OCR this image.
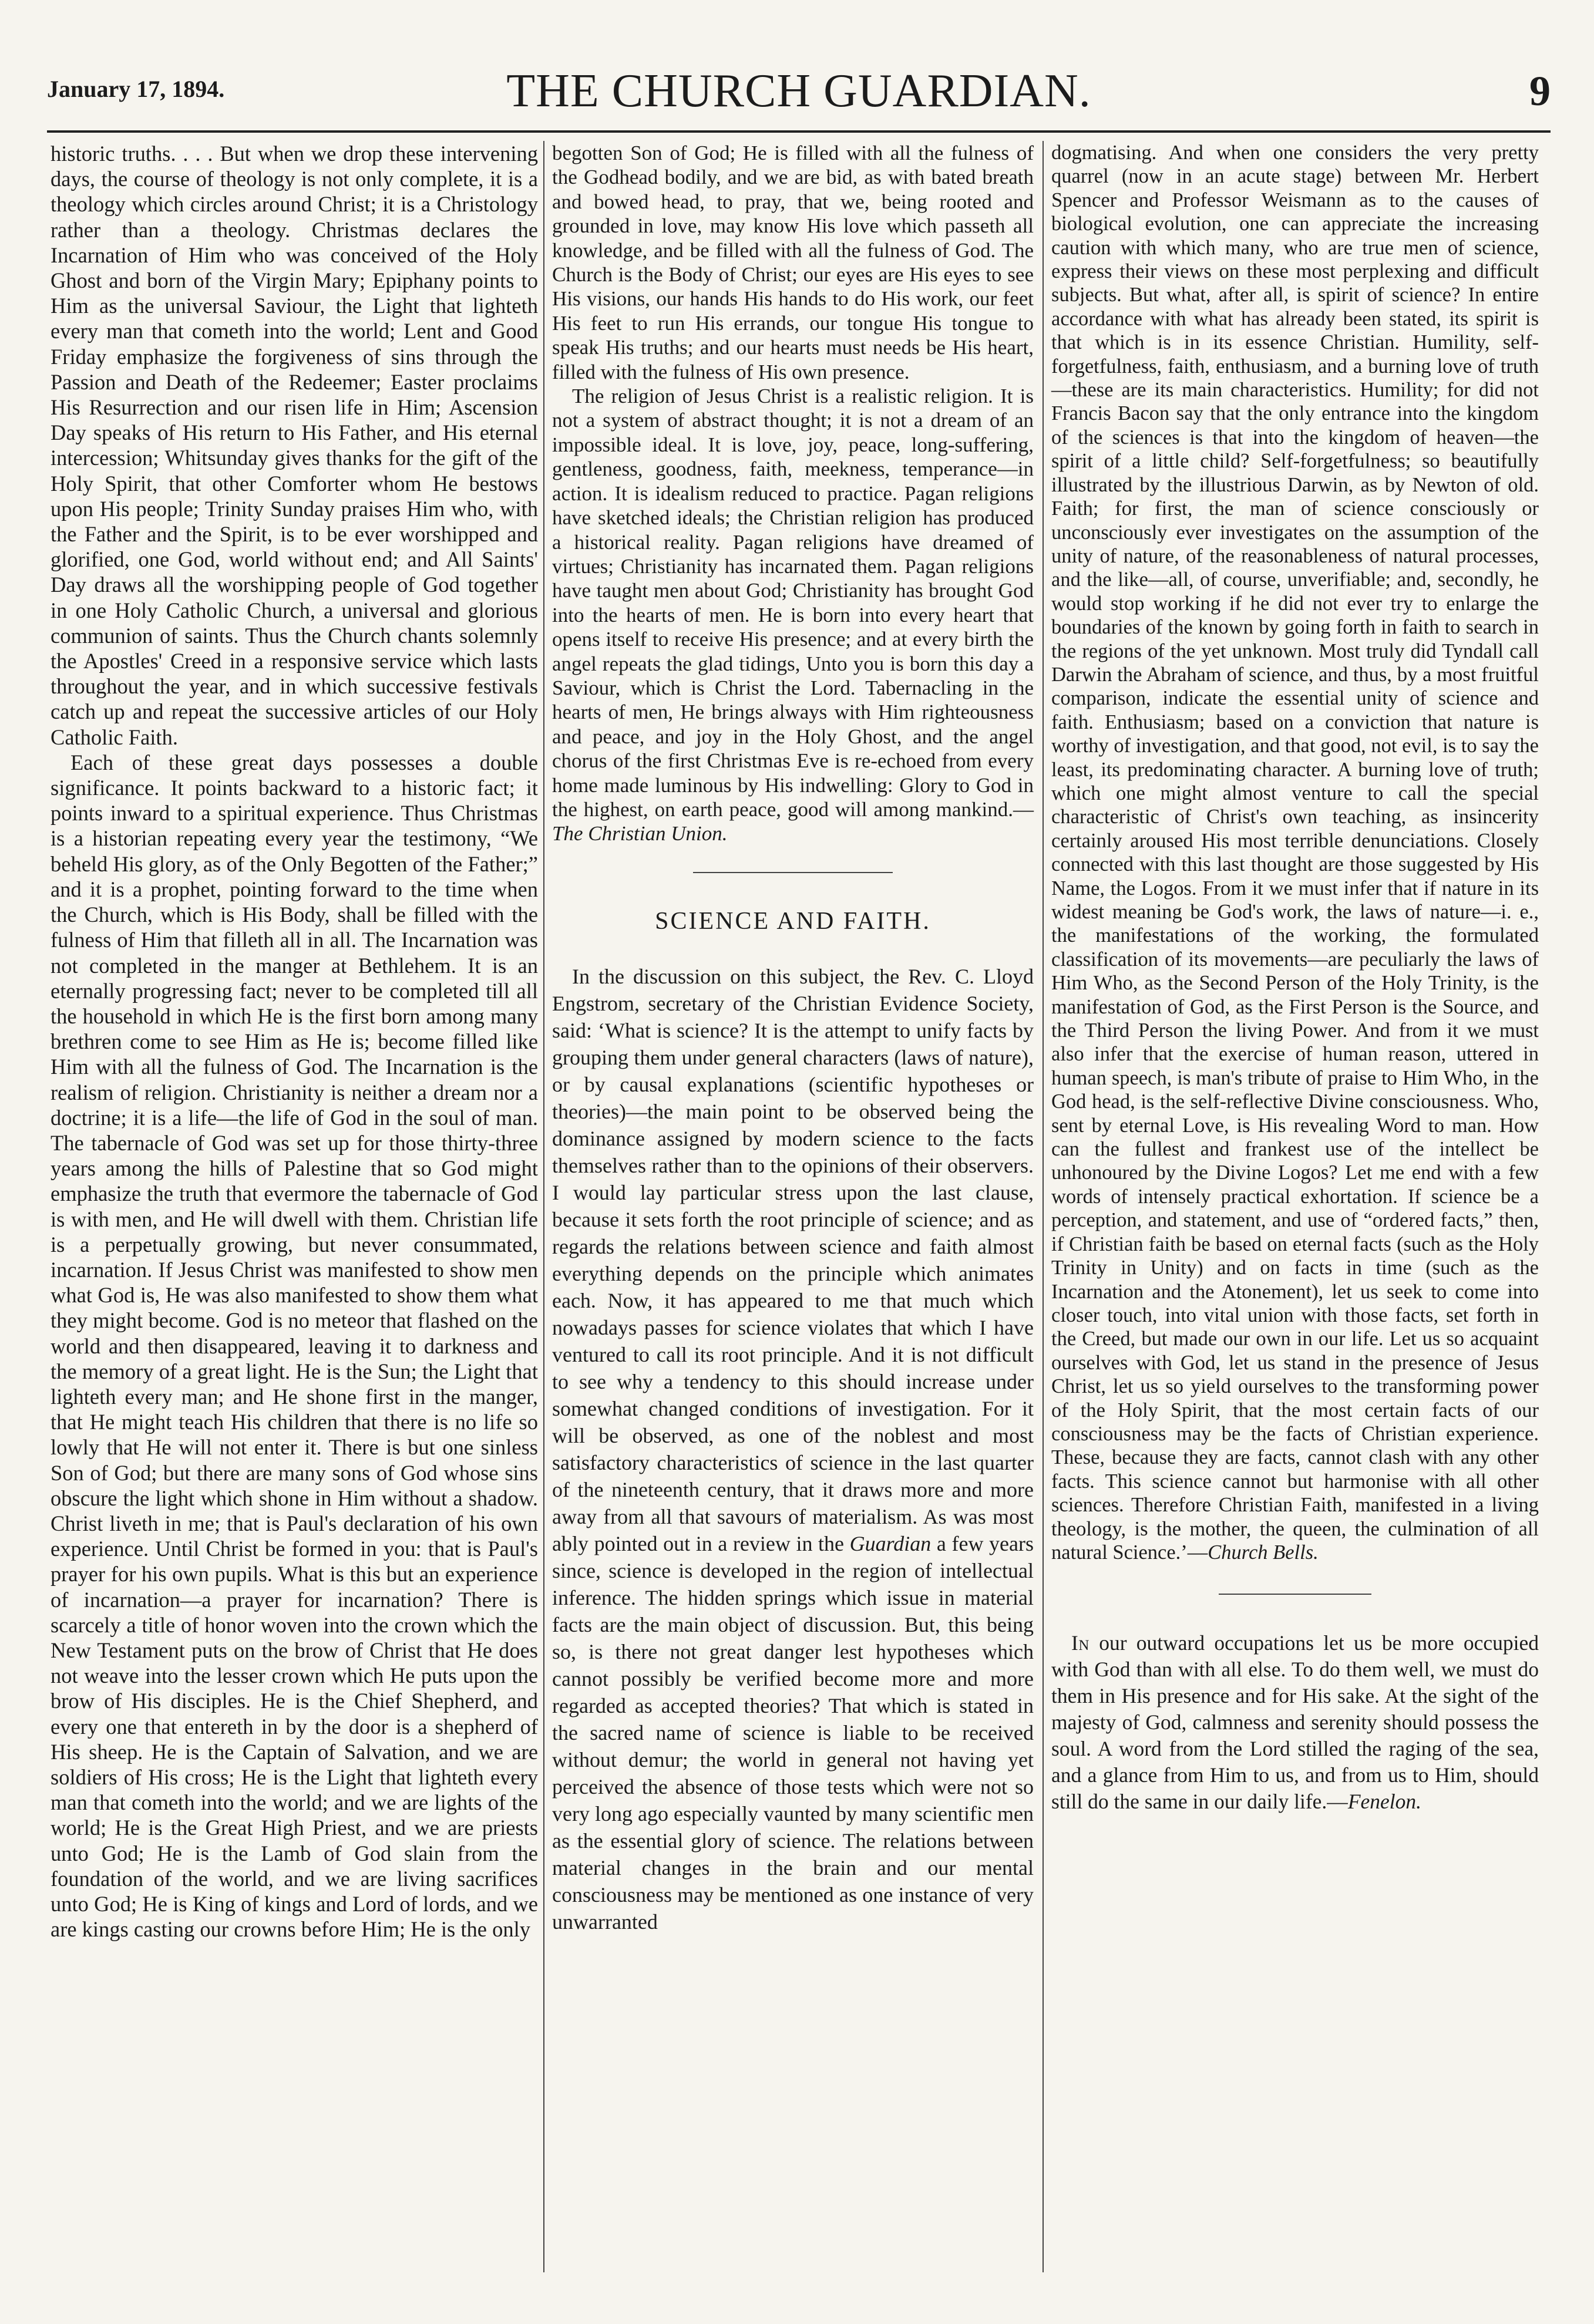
January 17, 1894.	THE CHURCH GUARDIAN.	9

historic truths. . . . But when we drop these intervening days, the course of theology is not only complete, it is a theology which circles around Christ; it is a Christology rather than a theology. Christmas declares the Incarnation of Him who was conceived of the Holy Ghost and born of the Virgin Mary; Epiphany points to Him as the universal Saviour, the Light that lighteth every man that cometh into the world; Lent and Good Friday emphasize the forgiveness of sins through the Passion and Death of the Redeemer; Easter proclaims His Resurrection and our risen life in Him; Ascension Day speaks of His return to His Father, and His eternal intercession; Whitsunday gives thanks for the gift of the Holy Spirit, that other Comforter whom He bestows upon His people; Trinity Sunday praises Him who, with the Father and the Spirit, is to be ever worshipped and glorified, one God, world without end; and All Saints' Day draws all the worshipping people of God together in one Holy Catholic Church, a universal and glorious communion of saints. Thus the Church chants solemnly the Apostles' Creed in a responsive service which lasts throughout the year, and in which successive festivals catch up and repeat the successive articles of our Holy Catholic Faith.

Each of these great days possesses a double significance. It points backward to a historic fact; it points inward to a spiritual experience. Thus Christmas is a historian repeating every year the testimony, “We beheld His glory, as of the Only Begotten of the Father;” and it is a prophet, pointing forward to the time when the Church, which is His Body, shall be filled with the fulness of Him that filleth all in all. The Incarnation was not completed in the manger at Bethlehem. It is an eternally progressing fact; never to be completed till all the household in which He is the first born among many brethren come to see Him as He is; become filled like Him with all the fulness of God. The Incarnation is the realism of religion. Christianity is neither a dream nor a doctrine; it is a life—the life of God in the soul of man. The tabernacle of God was set up for those thirty-three years among the hills of Palestine that so God might emphasize the truth that evermore the tabernacle of God is with men, and He will dwell with them. Christian life is a perpetually growing, but never consummated, incarnation. If Jesus Christ was manifested to show men what God is, He was also manifested to show them what they might become. God is no meteor that flashed on the world and then disappeared, leaving it to darkness and the memory of a great light. He is the Sun; the Light that lighteth every man; and He shone first in the manger, that He might teach His children that there is no life so lowly that He will not enter it. There is but one sinless Son of God; but there are many sons of God whose sins obscure the light which shone in Him without a shadow. Christ liveth in me; that is Paul's declaration of his own experience. Until Christ be formed in you: that is Paul's prayer for his own pupils. What is this but an experience of incarnation—a prayer for incarnation? There is scarcely a title of honor woven into the crown which the New Testament puts on the brow of Christ that He does not weave into the lesser crown which He puts upon the brow of His disciples. He is the Chief Shepherd, and every one that entereth in by the door is a shepherd of His sheep. He is the Captain of Salvation, and we are soldiers of His cross; He is the Light that lighteth every man that cometh into the world; and we are lights of the world; He is the Great High Priest, and we are priests unto God; He is the Lamb of God slain from the foundation of the world, and we are living sacrifices unto God; He is King of kings and Lord of lords, and we are kings casting our crowns before Him; He is the only

begotten Son of God; He is filled with all the fulness of the Godhead bodily, and we are bid, as with bated breath and bowed head, to pray, that we, being rooted and grounded in love, may know His love which passeth all knowledge, and be filled with all the fulness of God. The Church is the Body of Christ; our eyes are His eyes to see His visions, our hands His hands to do His work, our feet His feet to run His errands, our tongue His tongue to speak His truths; and our hearts must needs be His heart, filled with the fulness of His own presence.

The religion of Jesus Christ is a realistic religion. It is not a system of abstract thought; it is not a dream of an impossible ideal. It is love, joy, peace, long-suffering, gentleness, goodness, faith, meekness, temperance—in action. It is idealism reduced to practice. Pagan religions have sketched ideals; the Christian religion has produced a historical reality. Pagan religions have dreamed of virtues; Christianity has incarnated them. Pagan religions have taught men about God; Christianity has brought God into the hearts of men. He is born into every heart that opens itself to receive His presence; and at every birth the angel repeats the glad tidings, Unto you is born this day a Saviour, which is Christ the Lord. Tabernacling in the hearts of men, He brings always with Him righteousness and peace, and joy in the Holy Ghost, and the angel chorus of the first Christmas Eve is re-echoed from every home made luminous by His indwelling: Glory to God in the highest, on earth peace, good will among mankind.—The Christian Union.

SCIENCE AND FAITH.

In the discussion on this subject, the Rev. C. Lloyd Engstrom, secretary of the Christian Evidence Society, said: ‘What is science? It is the attempt to unify facts by grouping them under general characters (laws of nature), or by causal explanations (scientific hypotheses or theories)—the main point to be observed being the dominance assigned by modern science to the facts themselves rather than to the opinions of their observers. I would lay particular stress upon the last clause, because it sets forth the root principle of science; and as regards the relations between science and faith almost everything depends on the principle which animates each. Now, it has appeared to me that much which nowadays passes for science violates that which I have ventured to call its root principle. And it is not difficult to see why a tendency to this should increase under somewhat changed conditions of investigation. For it will be observed, as one of the noblest and most satisfactory characteristics of science in the last quarter of the nineteenth century, that it draws more and more away from all that savours of materialism. As was most ably pointed out in a review in the Guardian a few years since, science is developed in the region of intellectual inference. The hidden springs which issue in material facts are the main object of discussion. But, this being so, is there not great danger lest hypotheses which cannot possibly be verified become more and more regarded as accepted theories? That which is stated in the sacred name of science is liable to be received without demur; the world in general not having yet perceived the absence of those tests which were not so very long ago especially vaunted by many scientific men as the essential glory of science. The relations between material changes in the brain and our mental consciousness may be mentioned as one instance of very unwarranted

dogmatising. And when one considers the very pretty quarrel (now in an acute stage) between Mr. Herbert Spencer and Professor Weismann as to the causes of biological evolution, one can appreciate the increasing caution with which many, who are true men of science, express their views on these most perplexing and difficult subjects. But what, after all, is spirit of science? In entire accordance with what has already been stated, its spirit is that which is in its essence Christian. Humility, self-forgetfulness, faith, enthusiasm, and a burning love of truth—these are its main characteristics. Humility; for did not Francis Bacon say that the only entrance into the kingdom of the sciences is that into the kingdom of heaven—the spirit of a little child? Self-forgetfulness; so beautifully illustrated by the illustrious Darwin, as by Newton of old. Faith; for first, the man of science consciously or unconsciously ever investigates on the assumption of the unity of nature, of the reasonableness of natural processes, and the like—all, of course, unverifiable; and, secondly, he would stop working if he did not ever try to enlarge the boundaries of the known by going forth in faith to search in the regions of the yet unknown. Most truly did Tyndall call Darwin the Abraham of science, and thus, by a most fruitful comparison, indicate the essential unity of science and faith. Enthusiasm; based on a conviction that nature is worthy of investigation, and that good, not evil, is to say the least, its predominating character. A burning love of truth; which one might almost venture to call the special characteristic of Christ's own teaching, as insincerity certainly aroused His most terrible denunciations. Closely connected with this last thought are those suggested by His Name, the Logos. From it we must infer that if nature in its widest meaning be God's work, the laws of nature—i. e., the manifestations of the working, the formulated classification of its movements—are peculiarly the laws of Him Who, as the Second Person of the Holy Trinity, is the manifestation of God, as the First Person is the Source, and the Third Person the living Power. And from it we must also infer that the exercise of human reason, uttered in human speech, is man's tribute of praise to Him Who, in the God head, is the self-reflective Divine consciousness. Who, sent by eternal Love, is His revealing Word to man. How can the fullest and frankest use of the intellect be unhonoured by the Divine Logos? Let me end with a few words of intensely practical exhortation. If science be a perception, and statement, and use of “ordered facts,” then, if Christian faith be based on eternal facts (such as the Holy Trinity in Unity) and on facts in time (such as the Incarnation and the Atonement), let us seek to come into closer touch, into vital union with those facts, set forth in the Creed, but made our own in our life. Let us so acquaint ourselves with God, let us stand in the presence of Jesus Christ, let us so yield ourselves to the transforming power of the Holy Spirit, that the most certain facts of our consciousness may be the facts of Christian experience. These, because they are facts, cannot clash with any other facts. This science cannot but harmonise with all other sciences. Therefore Christian Faith, manifested in a living theology, is the mother, the queen, the culmination of all natural Science.’—Church Bells.

In our outward occupations let us be more occupied with God than with all else. To do them well, we must do them in His presence and for His sake. At the sight of the majesty of God, calmness and serenity should possess the soul. A word from the Lord stilled the raging of the sea, and a glance from Him to us, and from us to Him, should still do the same in our daily life.—Fenelon.
